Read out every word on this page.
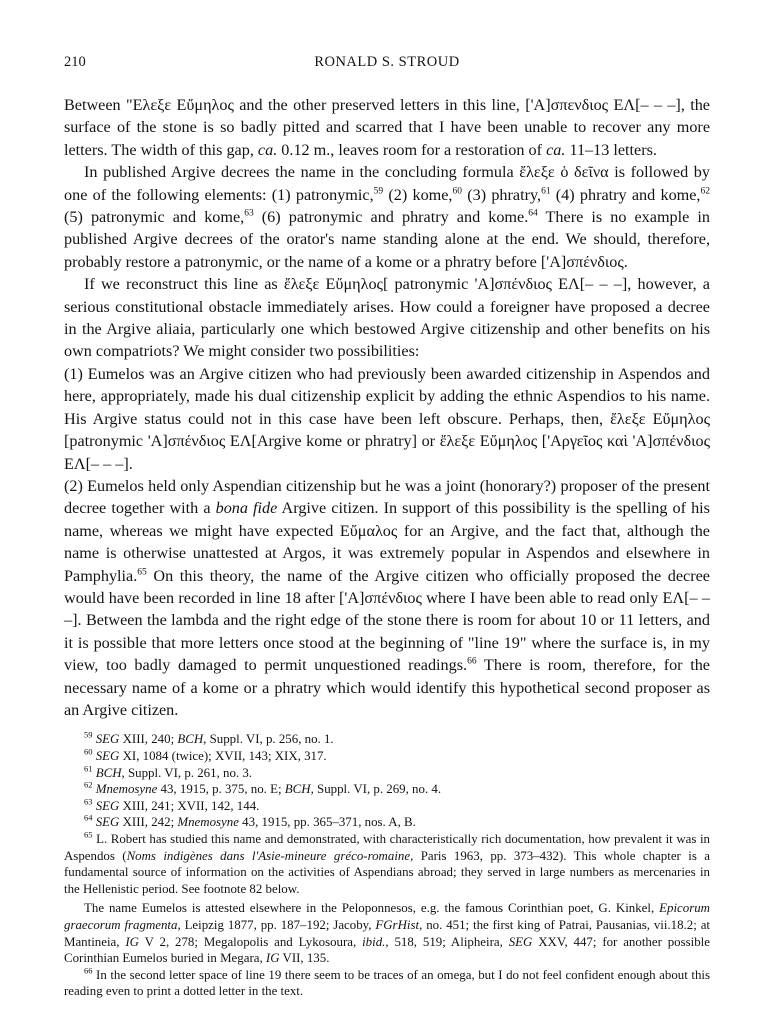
210	RONALD S. STROUD

Between "Ελεξε Εὔμηλος and the other preserved letters in this line, ['Α]σπενδιος ΕΛ[– – –], the surface of the stone is so badly pitted and scarred that I have been unable to recover any more letters. The width of this gap, ca. 0.12 m., leaves room for a restoration of ca. 11–13 letters.

In published Argive decrees the name in the concluding formula ἔλεξε ὁ δεῖνα is followed by one of the following elements: (1) patronymic,$^{59}$ (2) kome,$^{60}$ (3) phratry,$^{61}$ (4) phratry and kome,$^{62}$ (5) patronymic and kome,$^{63}$ (6) patronymic and phratry and kome.$^{64}$ There is no example in published Argive decrees of the orator's name standing alone at the end. We should, therefore, probably restore a patronymic, or the name of a kome or a phratry before ['Α]σπένδιος.

If we reconstruct this line as ἔλεξε Εὔμηλος[ patronymic 'Α]σπένδιος ΕΛ[– – –], however, a serious constitutional obstacle immediately arises. How could a foreigner have proposed a decree in the Argive aliaia, particularly one which bestowed Argive citizenship and other benefits on his own compatriots? We might consider two possibilities:

(1) Eumelos was an Argive citizen who had previously been awarded citizenship in Aspendos and here, appropriately, made his dual citizenship explicit by adding the ethnic Aspendios to his name. His Argive status could not in this case have been left obscure. Perhaps, then, ἔλεξε Εὔμηλος [patronymic 'Α]σπένδιος ΕΛ[Argive kome or phratry] or ἔλεξε Εὔμηλος ['Αργεῖος καὶ 'Α]σπένδιος ΕΛ[– – –].

(2) Eumelos held only Aspendian citizenship but he was a joint (honorary?) proposer of the present decree together with a bona fide Argive citizen. In support of this possibility is the spelling of his name, whereas we might have expected Εὔμαλος for an Argive, and the fact that, although the name is otherwise unattested at Argos, it was extremely popular in Aspendos and elsewhere in Pamphylia.$^{65}$ On this theory, the name of the Argive citizen who officially proposed the decree would have been recorded in line 18 after ['Α]σπένδιος where I have been able to read only ΕΛ[– – –]. Between the lambda and the right edge of the stone there is room for about 10 or 11 letters, and it is possible that more letters once stood at the beginning of "line 19" where the surface is, in my view, too badly damaged to permit unquestioned readings.$^{66}$ There is room, therefore, for the necessary name of a kome or a phratry which would identify this hypothetical second proposer as an Argive citizen.

$^{59}$ SEG XIII, 240; BCH, Suppl. VI, p. 256, no. 1.

$^{60}$ SEG XI, 1084 (twice); XVII, 143; XIX, 317.

$^{61}$ BCH, Suppl. VI, p. 261, no. 3.

$^{62}$ Mnemosyne 43, 1915, p. 375, no. E; BCH, Suppl. VI, p. 269, no. 4.

$^{63}$ SEG XIII, 241; XVII, 142, 144.

$^{64}$ SEG XIII, 242; Mnemosyne 43, 1915, pp. 365–371, nos. A, B.

$^{65}$ L. Robert has studied this name and demonstrated, with characteristically rich documentation, how prevalent it was in Aspendos (Noms indigènes dans l'Asie-mineure gréco-romaine, Paris 1963, pp. 373–432). This whole chapter is a fundamental source of information on the activities of Aspendians abroad; they served in large numbers as mercenaries in the Hellenistic period. See footnote 82 below.

The name Eumelos is attested elsewhere in the Peloponnesos, e.g. the famous Corinthian poet, G. Kinkel, Epicorum graecorum fragmenta, Leipzig 1877, pp. 187–192; Jacoby, FGrHist, no. 451; the first king of Patrai, Pausanias, vii.18.2; at Mantineia, IG V 2, 278; Megalopolis and Lykosoura, ibid., 518, 519; Alipheira, SEG XXV, 447; for another possible Corinthian Eumelos buried in Megara, IG VII, 135.

$^{66}$ In the second letter space of line 19 there seem to be traces of an omega, but I do not feel confident enough about this reading even to print a dotted letter in the text.
